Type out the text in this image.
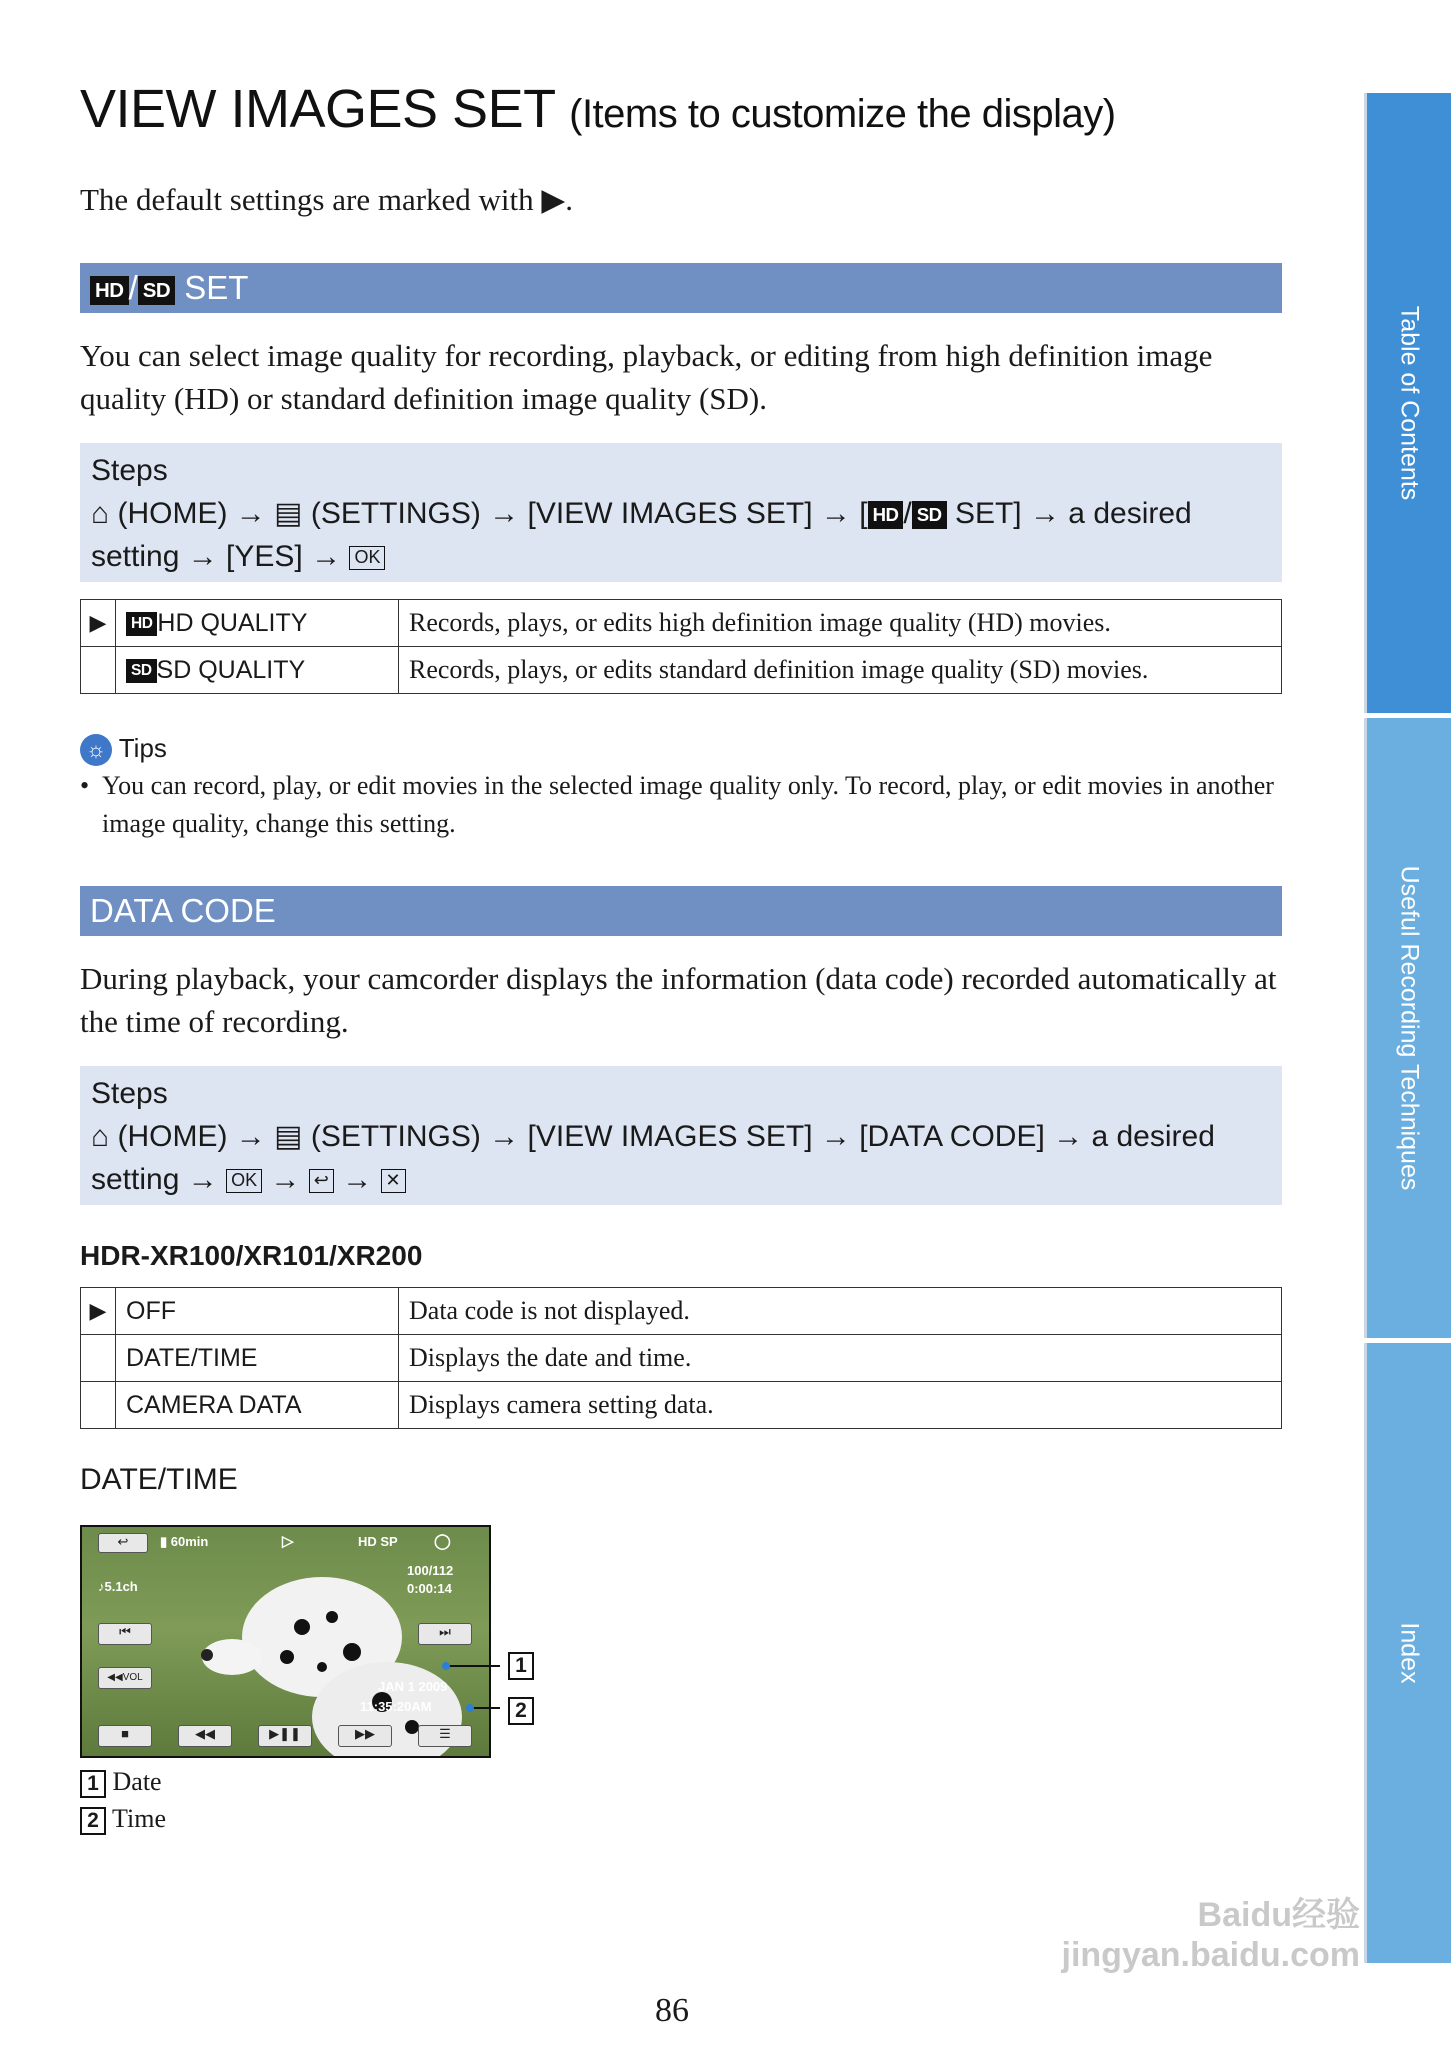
VIEW IMAGES SET (Items to customize the display)
The default settings are marked with ▶.
HD / SD SET
You can select image quality for recording, playback, or editing from high definition image quality (HD) or standard definition image quality (SD).
Steps
⌂ (HOME) → ▤ (SETTINGS) → [VIEW IMAGES SET] → [ HD / SD SET] → a desired
setting → [YES] → OK
▶	HD HD QUALITY	Records, plays, or edits high definition image quality (HD) movies.
	SD SD QUALITY	Records, plays, or edits standard definition image quality (SD) movies.
☼ Tips
• You can record, play, or edit movies in the selected image quality only. To record, play, or edit movies in another image quality, change this setting.
DATA CODE
During playback, your camcorder displays the information (data code) recorded automatically at the time of recording.
Steps
⌂ (HOME) → ▤ (SETTINGS) → [VIEW IMAGES SET] → [DATA CODE] → a desired
setting → OK → ↩ → ✕
HDR-XR100/XR101/XR200
▶	OFF	Data code is not displayed.
	DATE/TIME	Displays the date and time.
	CAMERA DATA	Displays camera setting data.
DATE/TIME
↩	▮ 60min	▷	HD SP ◯
100/112
0:00:14
♪5.1ch
⏮	⏭
◀◀VOL
JAN 1 2009
11:35:20AM
■	◀◀	▶❚❚	▶▶	☰
1
2
1 Date
2 Time
86
Baidu经验 jingyan.baidu.com
Table of Contents
Useful Recording Techniques
Index
